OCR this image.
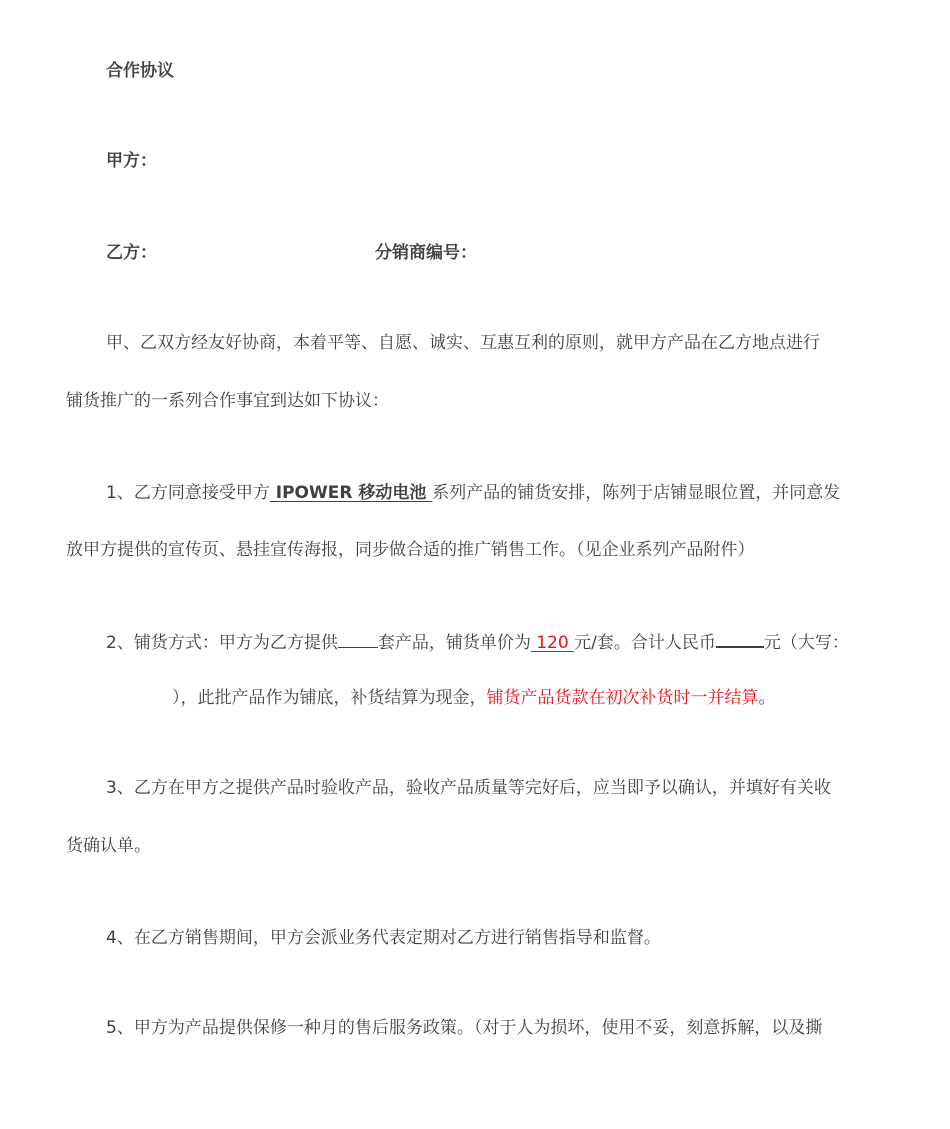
合作协议
甲方：
乙方：	分销商编号：
甲、乙双方经友好协商，本着平等、自愿、诚实、互惠互利的原则，就甲方产品在乙方地点进行
铺货推广的一系列合作事宜到达如下协议：
1、乙方同意接受甲方 IPOWER 移动电池 系列产品的铺货安排，陈列于店铺显眼位置，并同意发
放甲方提供的宣传页、悬挂宣传海报，同步做合适的推广销售工作。（见企业系列产品附件）
2、铺货方式：甲方为乙方提供 套产品，铺货单价为 120 元/套。合计人民币	元（大写：
），此批产品作为铺底，补货结算为现金，铺货产品货款在初次补货时一并结算。
3、乙方在甲方之提供产品时验收产品，验收产品质量等完好后，应当即予以确认，并填好有关收
货确认单。
4、在乙方销售期间，甲方会派业务代表定期对乙方进行销售指导和监督。
5、甲方为产品提供保修一种月的售后服务政策。（对于人为损坏，使用不妥，刻意拆解，以及撕
